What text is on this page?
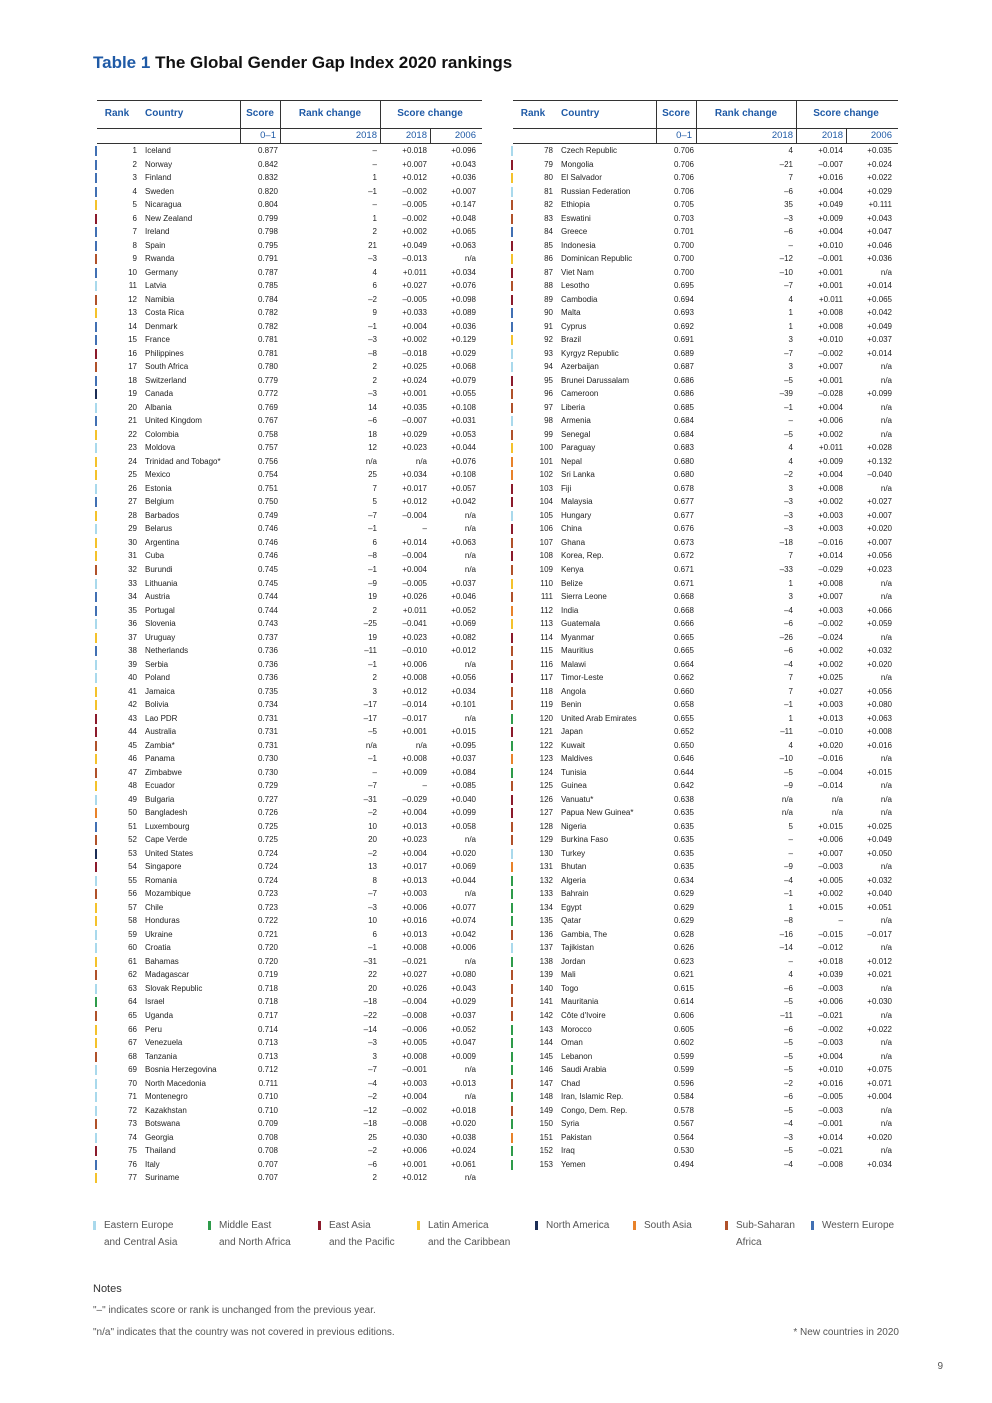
Table 1 The Global Gender Gap Index 2020 rankings
Rank	Country	Score	Rank change	Score change
0–1	2018	2018	2006
1 Iceland	0.877	–	+0.018	+0.096
2 Norway	0.842	–	+0.007	+0.043
3 Finland	0.832	1	+0.012	+0.036
4 Sweden	0.820	–1	–0.002	+0.007
5 Nicaragua	0.804	–	–0.005	+0.147
6 New Zealand	0.799	1	–0.002	+0.048
7 Ireland	0.798	2	+0.002	+0.065
8 Spain	0.795	21	+0.049	+0.063
9 Rwanda	0.791	–3	–0.013	n/a
10 Germany	0.787	4	+0.011	+0.034
11 Latvia	0.785	6	+0.027	+0.076
12 Namibia	0.784	–2	–0.005	+0.098
13 Costa Rica	0.782	9	+0.033	+0.089
14 Denmark	0.782	–1	+0.004	+0.036
15 France	0.781	–3	+0.002	+0.129
16 Philippines	0.781	–8	–0.018	+0.029
17 South Africa	0.780	2	+0.025	+0.068
18 Switzerland	0.779	2	+0.024	+0.079
19 Canada	0.772	–3	+0.001	+0.055
20 Albania	0.769	14	+0.035	+0.108
21 United Kingdom	0.767	–6	–0.007	+0.031
22 Colombia	0.758	18	+0.029	+0.053
23 Moldova	0.757	12	+0.023	+0.044
24 Trinidad and Tobago*	0.756	n/a	n/a	+0.076
25 Mexico	0.754	25	+0.034	+0.108
26 Estonia	0.751	7	+0.017	+0.057
27 Belgium	0.750	5	+0.012	+0.042
28 Barbados	0.749	–7	–0.004	n/a
29 Belarus	0.746	–1	–	n/a
30 Argentina	0.746	6	+0.014	+0.063
31 Cuba	0.746	–8	–0.004	n/a
32 Burundi	0.745	–1	+0.004	n/a
33 Lithuania	0.745	–9	–0.005	+0.037
34 Austria	0.744	19	+0.026	+0.046
35 Portugal	0.744	2	+0.011	+0.052
36 Slovenia	0.743	–25	–0.041	+0.069
37 Uruguay	0.737	19	+0.023	+0.082
38 Netherlands	0.736	–11	–0.010	+0.012
39 Serbia	0.736	–1	+0.006	n/a
40 Poland	0.736	2	+0.008	+0.056
41 Jamaica	0.735	3	+0.012	+0.034
42 Bolivia	0.734	–17	–0.014	+0.101
43 Lao PDR	0.731	–17	–0.017	n/a
44 Australia	0.731	–5	+0.001	+0.015
45 Zambia*	0.731	n/a	n/a	+0.095
46 Panama	0.730	–1	+0.008	+0.037
47 Zimbabwe	0.730	–	+0.009	+0.084
48 Ecuador	0.729	–7	–	+0.085
49 Bulgaria	0.727	–31	–0.029	+0.040
50 Bangladesh	0.726	–2	+0.004	+0.099
51 Luxembourg	0.725	10	+0.013	+0.058
52 Cape Verde	0.725	20	+0.023	n/a
53 United States	0.724	–2	+0.004	+0.020
54 Singapore	0.724	13	+0.017	+0.069
55 Romania	0.724	8	+0.013	+0.044
56 Mozambique	0.723	–7	+0.003	n/a
57 Chile	0.723	–3	+0.006	+0.077
58 Honduras	0.722	10	+0.016	+0.074
59 Ukraine	0.721	6	+0.013	+0.042
60 Croatia	0.720	–1	+0.008	+0.006
61 Bahamas	0.720	–31	–0.021	n/a
62 Madagascar	0.719	22	+0.027	+0.080
63 Slovak Republic	0.718	20	+0.026	+0.043
64 Israel	0.718	–18	–0.004	+0.029
65 Uganda	0.717	–22	–0.008	+0.037
66 Peru	0.714	–14	–0.006	+0.052
67 Venezuela	0.713	–3	+0.005	+0.047
68 Tanzania	0.713	3	+0.008	+0.009
69 Bosnia Herzegovina	0.712	–7	–0.001	n/a
70 North Macedonia	0.711	–4	+0.003	+0.013
71 Montenegro	0.710	–2	+0.004	n/a
72 Kazakhstan	0.710	–12	–0.002	+0.018
73 Botswana	0.709	–18	–0.008	+0.020
74 Georgia	0.708	25	+0.030	+0.038
75 Thailand	0.708	–2	+0.006	+0.024
76 Italy	0.707	–6	+0.001	+0.061
77 Suriname	0.707	2	+0.012	n/a
Rank	Country	Score	Rank change	Score change
0–1	2018	2018	2006
78 Czech Republic	0.706	4	+0.014	+0.035
79 Mongolia	0.706	–21	–0.007	+0.024
80 El Salvador	0.706	7	+0.016	+0.022
81 Russian Federation	0.706	–6	+0.004	+0.029
82 Ethiopia	0.705	35	+0.049	+0.111
83 Eswatini	0.703	–3	+0.009	+0.043
84 Greece	0.701	–6	+0.004	+0.047
85 Indonesia	0.700	–	+0.010	+0.046
86 Dominican Republic	0.700	–12	–0.001	+0.036
87 Viet Nam	0.700	–10	+0.001	n/a
88 Lesotho	0.695	–7	+0.001	+0.014
89 Cambodia	0.694	4	+0.011	+0.065
90 Malta	0.693	1	+0.008	+0.042
91 Cyprus	0.692	1	+0.008	+0.049
92 Brazil	0.691	3	+0.010	+0.037
93 Kyrgyz Republic	0.689	–7	–0.002	+0.014
94 Azerbaijan	0.687	3	+0.007	n/a
95 Brunei Darussalam	0.686	–5	+0.001	n/a
96 Cameroon	0.686	–39	–0.028	+0.099
97 Liberia	0.685	–1	+0.004	n/a
98 Armenia	0.684	–	+0.006	n/a
99 Senegal	0.684	–5	+0.002	n/a
100 Paraguay	0.683	4	+0.011	+0.028
101 Nepal	0.680	4	+0.009	+0.132
102 Sri Lanka	0.680	–2	+0.004	–0.040
103 Fiji	0.678	3	+0.008	n/a
104 Malaysia	0.677	–3	+0.002	+0.027
105 Hungary	0.677	–3	+0.003	+0.007
106 China	0.676	–3	+0.003	+0.020
107 Ghana	0.673	–18	–0.016	+0.007
108 Korea, Rep.	0.672	7	+0.014	+0.056
109 Kenya	0.671	–33	–0.029	+0.023
110 Belize	0.671	1	+0.008	n/a
111 Sierra Leone	0.668	3	+0.007	n/a
112 India	0.668	–4	+0.003	+0.066
113 Guatemala	0.666	–6	–0.002	+0.059
114 Myanmar	0.665	–26	–0.024	n/a
115 Mauritius	0.665	–6	+0.002	+0.032
116 Malawi	0.664	–4	+0.002	+0.020
117 Timor-Leste	0.662	7	+0.025	n/a
118 Angola	0.660	7	+0.027	+0.056
119 Benin	0.658	–1	+0.003	+0.080
120 United Arab Emirates	0.655	1	+0.013	+0.063
121 Japan	0.652	–11	–0.010	+0.008
122 Kuwait	0.650	4	+0.020	+0.016
123 Maldives	0.646	–10	–0.016	n/a
124 Tunisia	0.644	–5	–0.004	+0.015
125 Guinea	0.642	–9	–0.014	n/a
126 Vanuatu*	0.638	n/a	n/a	n/a
127 Papua New Guinea*	0.635	n/a	n/a	n/a
128 Nigeria	0.635	5	+0.015	+0.025
129 Burkina Faso	0.635	–	+0.006	+0.049
130 Turkey	0.635	–	+0.007	+0.050
131 Bhutan	0.635	–9	–0.003	n/a
132 Algeria	0.634	–4	+0.005	+0.032
133 Bahrain	0.629	–1	+0.002	+0.040
134 Egypt	0.629	1	+0.015	+0.051
135 Qatar	0.629	–8	–	n/a
136 Gambia, The	0.628	–16	–0.015	–0.017
137 Tajikistan	0.626	–14	–0.012	n/a
138 Jordan	0.623	–	+0.018	+0.012
139 Mali	0.621	4	+0.039	+0.021
140 Togo	0.615	–6	–0.003	n/a
141 Mauritania	0.614	–5	+0.006	+0.030
142 Côte d'Ivoire	0.606	–11	–0.021	n/a
143 Morocco	0.605	–6	–0.002	+0.022
144 Oman	0.602	–5	–0.003	n/a
145 Lebanon	0.599	–5	+0.004	n/a
146 Saudi Arabia	0.599	–5	+0.010	+0.075
147 Chad	0.596	–2	+0.016	+0.071
148 Iran, Islamic Rep.	0.584	–6	–0.005	+0.004
149 Congo, Dem. Rep.	0.578	–5	–0.003	n/a
150 Syria	0.567	–4	–0.001	n/a
151 Pakistan	0.564	–3	+0.014	+0.020
152 Iraq	0.530	–5	–0.021	n/a
153 Yemen	0.494	–4	–0.008	+0.034
Eastern Europe
and Central Asia
Middle East
and North Africa
East Asia
and the Pacific
Latin America
and the Caribbean
North America	South Asia	Sub-Saharan
Africa
Western Europe
Notes
"–" indicates score or rank is unchanged from the previous year.
"n/a" indicates that the country was not covered in previous editions.	* New countries in 2020
9
